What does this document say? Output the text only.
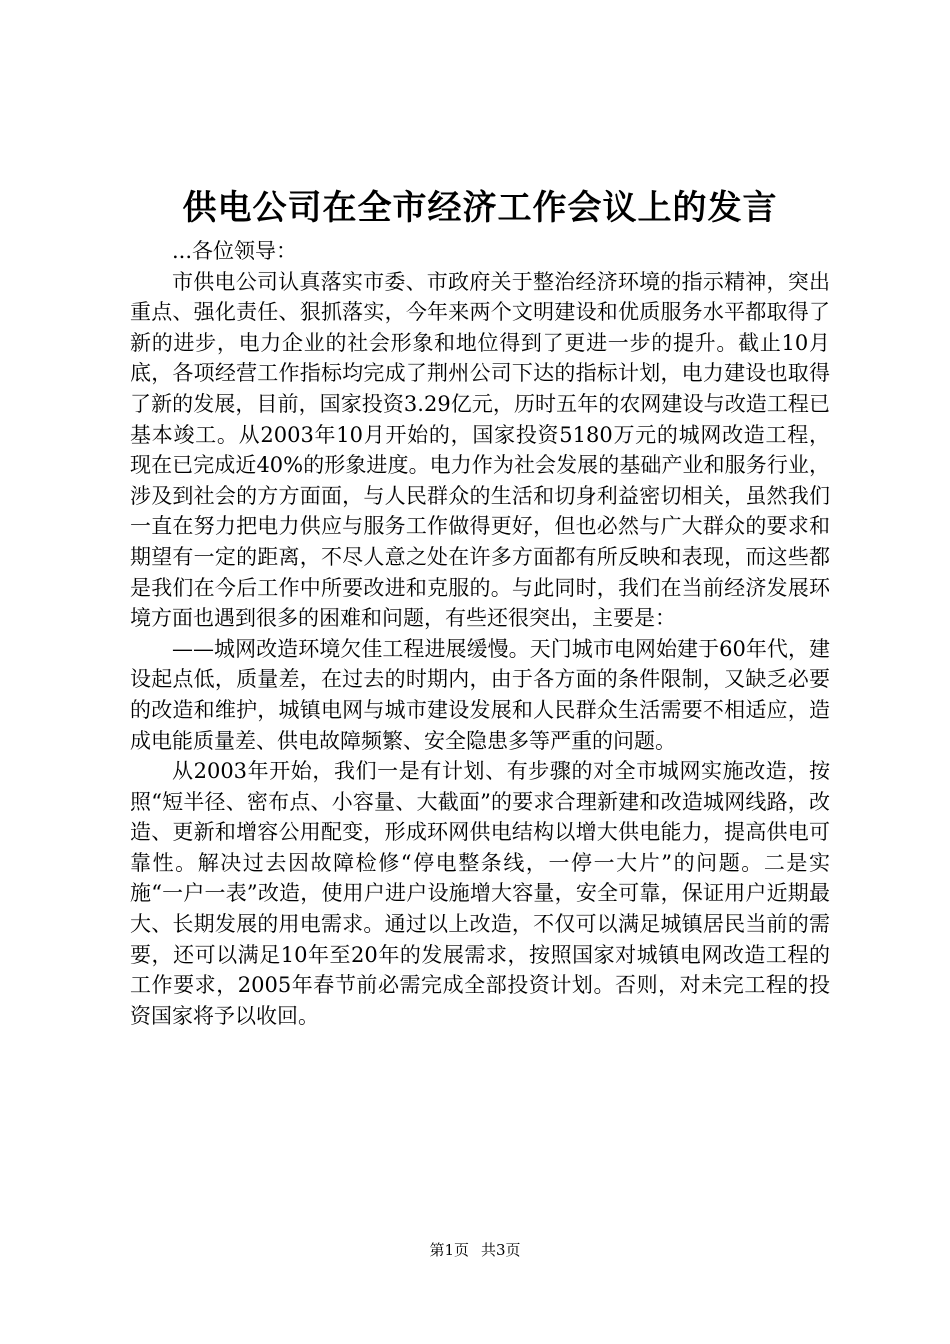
供电公司在全市经济工作会议上的发言

...各位领导：

市供电公司认真落实市委、市政府关于整治经济环境的指示精神，突出重点、强化责任、狠抓落实，今年来两个文明建设和优质服务水平都取得了新的进步，电力企业的社会形象和地位得到了更进一步的提升。截止10月底，各项经营工作指标均完成了荆州公司下达的指标计划，电力建设也取得了新的发展，目前，国家投资3.29亿元，历时五年的农网建设与改造工程已基本竣工。从2003年10月开始的，国家投资5180万元的城网改造工程，现在已完成近40%的形象进度。电力作为社会发展的基础产业和服务行业，涉及到社会的方方面面，与人民群众的生活和切身利益密切相关，虽然我们一直在努力把电力供应与服务工作做得更好，但也必然与广大群众的要求和期望有一定的距离，不尽人意之处在许多方面都有所反映和表现，而这些都是我们在今后工作中所要改进和克服的。与此同时，我们在当前经济发展环境方面也遇到很多的困难和问题，有些还很突出，主要是：

——城网改造环境欠佳工程进展缓慢。天门城市电网始建于60年代，建设起点低，质量差，在过去的时期内，由于各方面的条件限制，又缺乏必要的改造和维护，城镇电网与城市建设发展和人民群众生活需要不相适应，造成电能质量差、供电故障频繁、安全隐患多等严重的问题。

从2003年开始，我们一是有计划、有步骤的对全市城网实施改造，按照“短半径、密布点、小容量、大截面”的要求合理新建和改造城网线路，改造、更新和增容公用配变，形成环网供电结构以增大供电能力，提高供电可靠性。解决过去因故障检修“停电整条线，一停一大片”的问题。二是实施“一户一表”改造，使用户进户设施增大容量，安全可靠，保证用户近期最大、长期发展的用电需求。通过以上改造，不仅可以满足城镇居民当前的需要，还可以满足10年至20年的发展需求，按照国家对城镇电网改造工程的工作要求，2005年春节前必需完成全部投资计划。否则，对未完工程的投资国家将予以收回。

第1页 共3页
